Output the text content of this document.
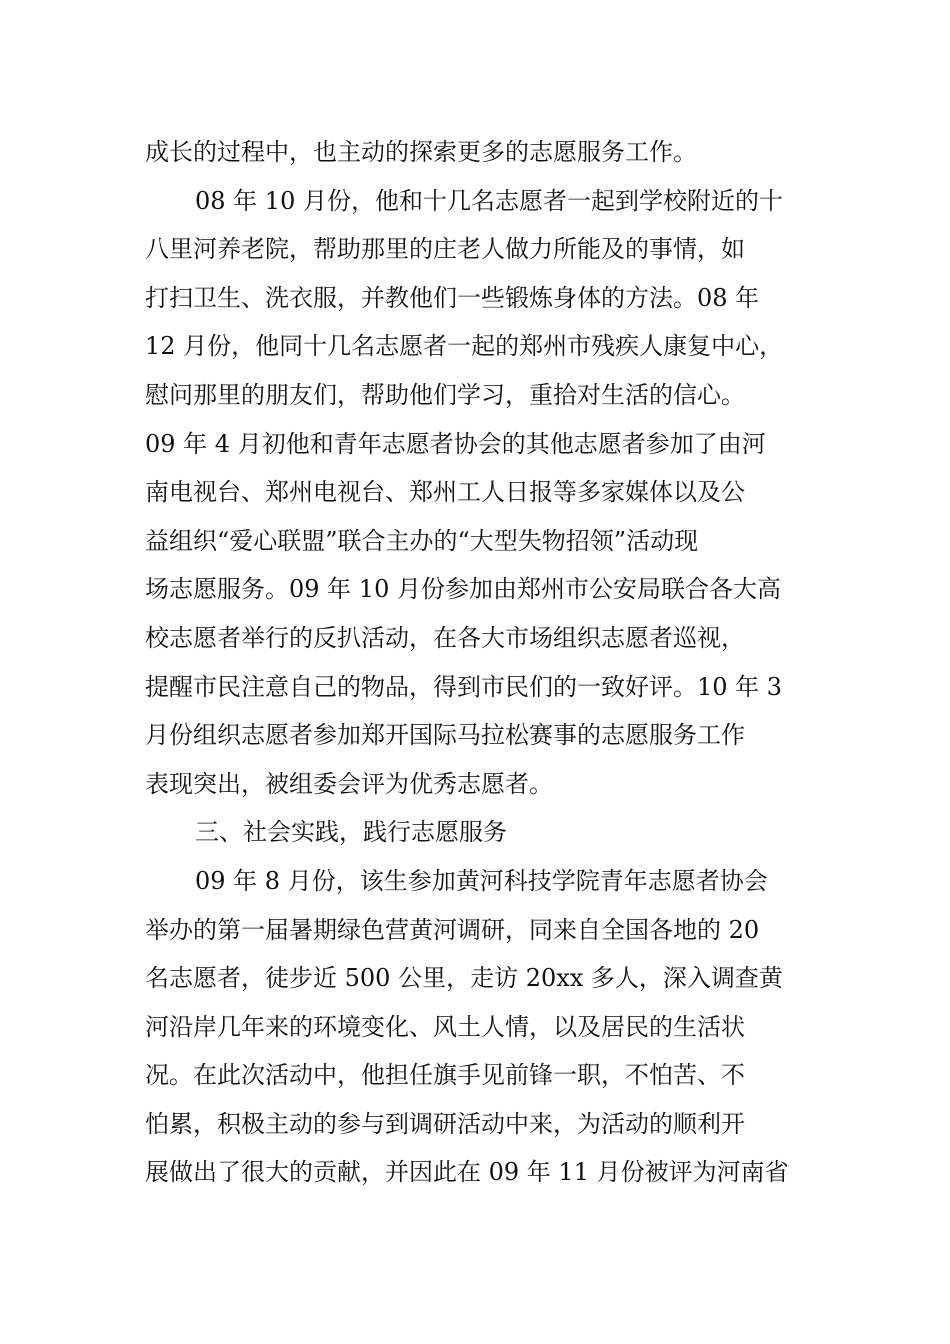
成长的过程中，也主动的探索更多的志愿服务工作。
08 年 10 月份，他和十几名志愿者一起到学校附近的十
八里河养老院，帮助那里的庄老人做力所能及的事情，如
打扫卫生、洗衣服，并教他们一些锻炼身体的方法。08 年
12 月份，他同十几名志愿者一起的郑州市残疾人康复中心，
慰问那里的朋友们，帮助他们学习，重拾对生活的信心。
09 年 4 月初他和青年志愿者协会的其他志愿者参加了由河
南电视台、郑州电视台、郑州工人日报等多家媒体以及公
益组织“爱心联盟”联合主办的“大型失物招领”活动现
场志愿服务。09 年 10 月份参加由郑州市公安局联合各大高
校志愿者举行的反扒活动，在各大市场组织志愿者巡视，
提醒市民注意自己的物品，得到市民们的一致好评。10 年 3
月份组织志愿者参加郑开国际马拉松赛事的志愿服务工作
表现突出，被组委会评为优秀志愿者。
三、社会实践，践行志愿服务
09 年 8 月份，该生参加黄河科技学院青年志愿者协会
举办的第一届暑期绿色营黄河调研，同来自全国各地的 20
名志愿者，徒步近 500 公里，走访 20xx 多人，深入调查黄
河沿岸几年来的环境变化、风土人情，以及居民的生活状
况。在此次活动中，他担任旗手见前锋一职，不怕苦、不
怕累，积极主动的参与到调研活动中来，为活动的顺利开
展做出了很大的贡献，并因此在 09 年 11 月份被评为河南省
